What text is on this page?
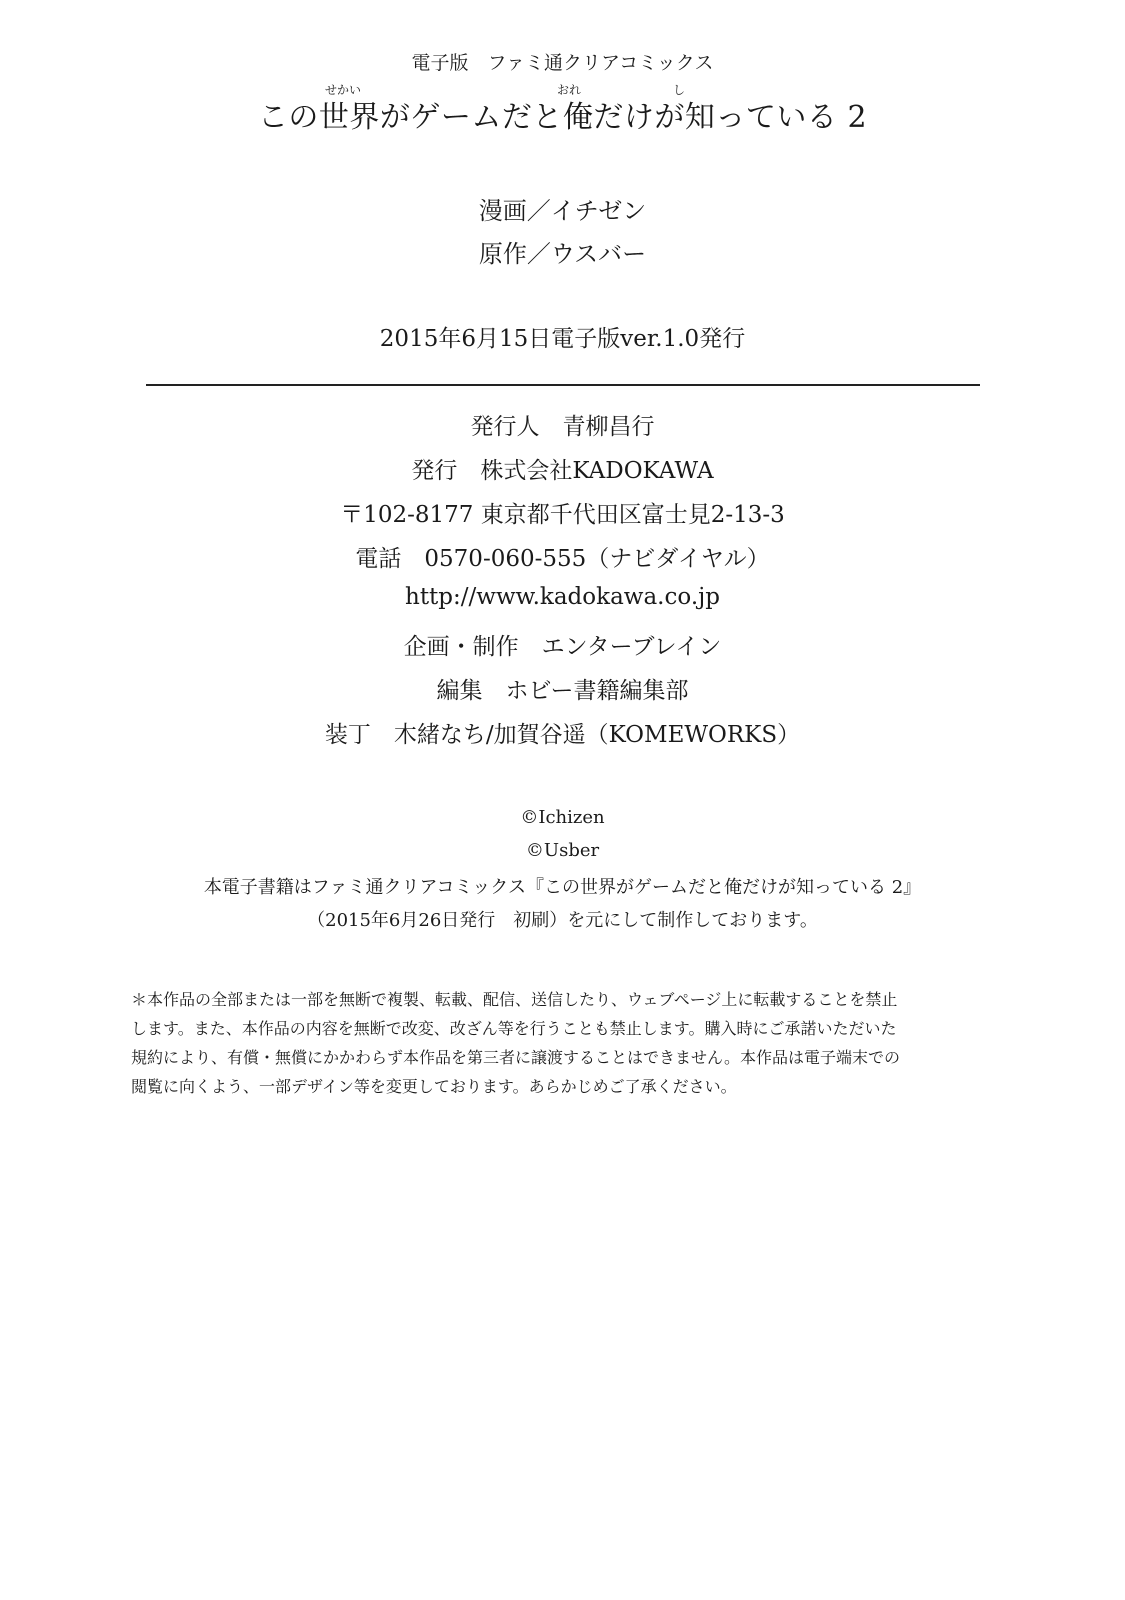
電子版　ファミ通クリアコミックス
せかい	おれ	し
この世界がゲームだと俺だけが知っている 2
漫画／イチゼン
原作／ウスバー
2015年6月15日電子版ver.1.0発行
発行人　青柳昌行
発行　株式会社KADOKAWA
〒102-8177 東京都千代田区富士見2-13-3
電話　0570-060-555（ナビダイヤル）
http://www.kadokawa.co.jp
企画・制作　エンターブレイン
編集　ホビー書籍編集部
装丁　木緒なち/加賀谷遥（KOMEWORKS）
©Ichizen
©Usber
本電子書籍はファミ通クリアコミックス『この世界がゲームだと俺だけが知っている 2』
（2015年6月26日発行　初刷）を元にして制作しております。
＊本作品の全部または一部を無断で複製、転載、配信、送信したり、ウェブページ上に転載することを禁止
します。また、本作品の内容を無断で改変、改ざん等を行うことも禁止します。購入時にご承諾いただいた
規約により、有償・無償にかかわらず本作品を第三者に譲渡することはできません。本作品は電子端末での
閲覧に向くよう、一部デザイン等を変更しております。あらかじめご了承ください。
